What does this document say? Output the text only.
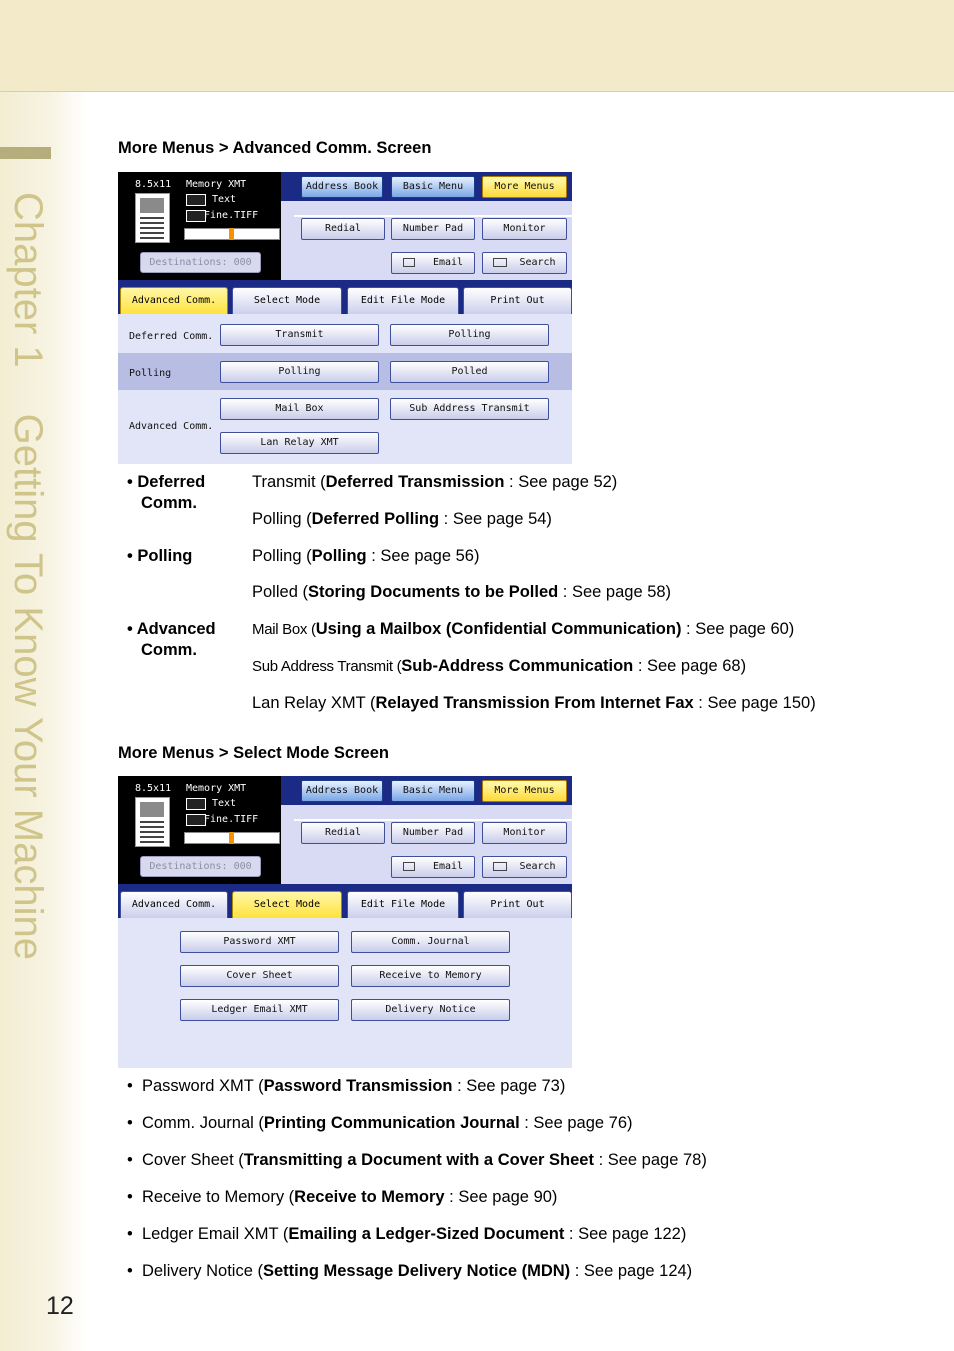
Chapter 1Getting To Know Your Machine
12
More Menus > Advanced Comm. Screen
8.5x11 Memory XMT
Text
Fine.TIFF
Destinations: 000
Address Book	Basic Menu	More Menus
Redial	Number Pad	Monitor
Email	Search
Advanced Comm.	Select Mode	Edit File Mode	Print Out
Deferred Comm.	Transmit	Polling
Polling	Polling	Polled
Advanced Comm.
Mail Box	Sub Address Transmit
Lan Relay XMT
• Deferred
Comm.
Transmit (Deferred Transmission : See page 52)
Polling (Deferred Polling : See page 54)
• Polling	Polling (Polling : See page 56)
Polled (Storing Documents to be Polled : See page 58)
• Advanced
Comm.
Mail Box (Using a Mailbox (Confidential Communication) : See page 60)
Sub Address Transmit (Sub-Address Communication : See page 68)
Lan Relay XMT (Relayed Transmission From Internet Fax : See page 150)
More Menus > Select Mode Screen
8.5x11 Memory XMT
Text
Fine.TIFF
Destinations: 000
Address Book	Basic Menu	More Menus
Redial	Number Pad	Monitor
Email	Search
Advanced Comm.	Select Mode	Edit File Mode	Print Out
Password XMT	Comm. Journal
Cover Sheet	Receive to Memory
Ledger Email XMT	Delivery Notice
• Password XMT (Password Transmission : See page 73)
• Comm. Journal (Printing Communication Journal : See page 76)
• Cover Sheet (Transmitting a Document with a Cover Sheet : See page 78)
• Receive to Memory (Receive to Memory : See page 90)
• Ledger Email XMT (Emailing a Ledger-Sized Document : See page 122)
• Delivery Notice (Setting Message Delivery Notice (MDN) : See page 124)
